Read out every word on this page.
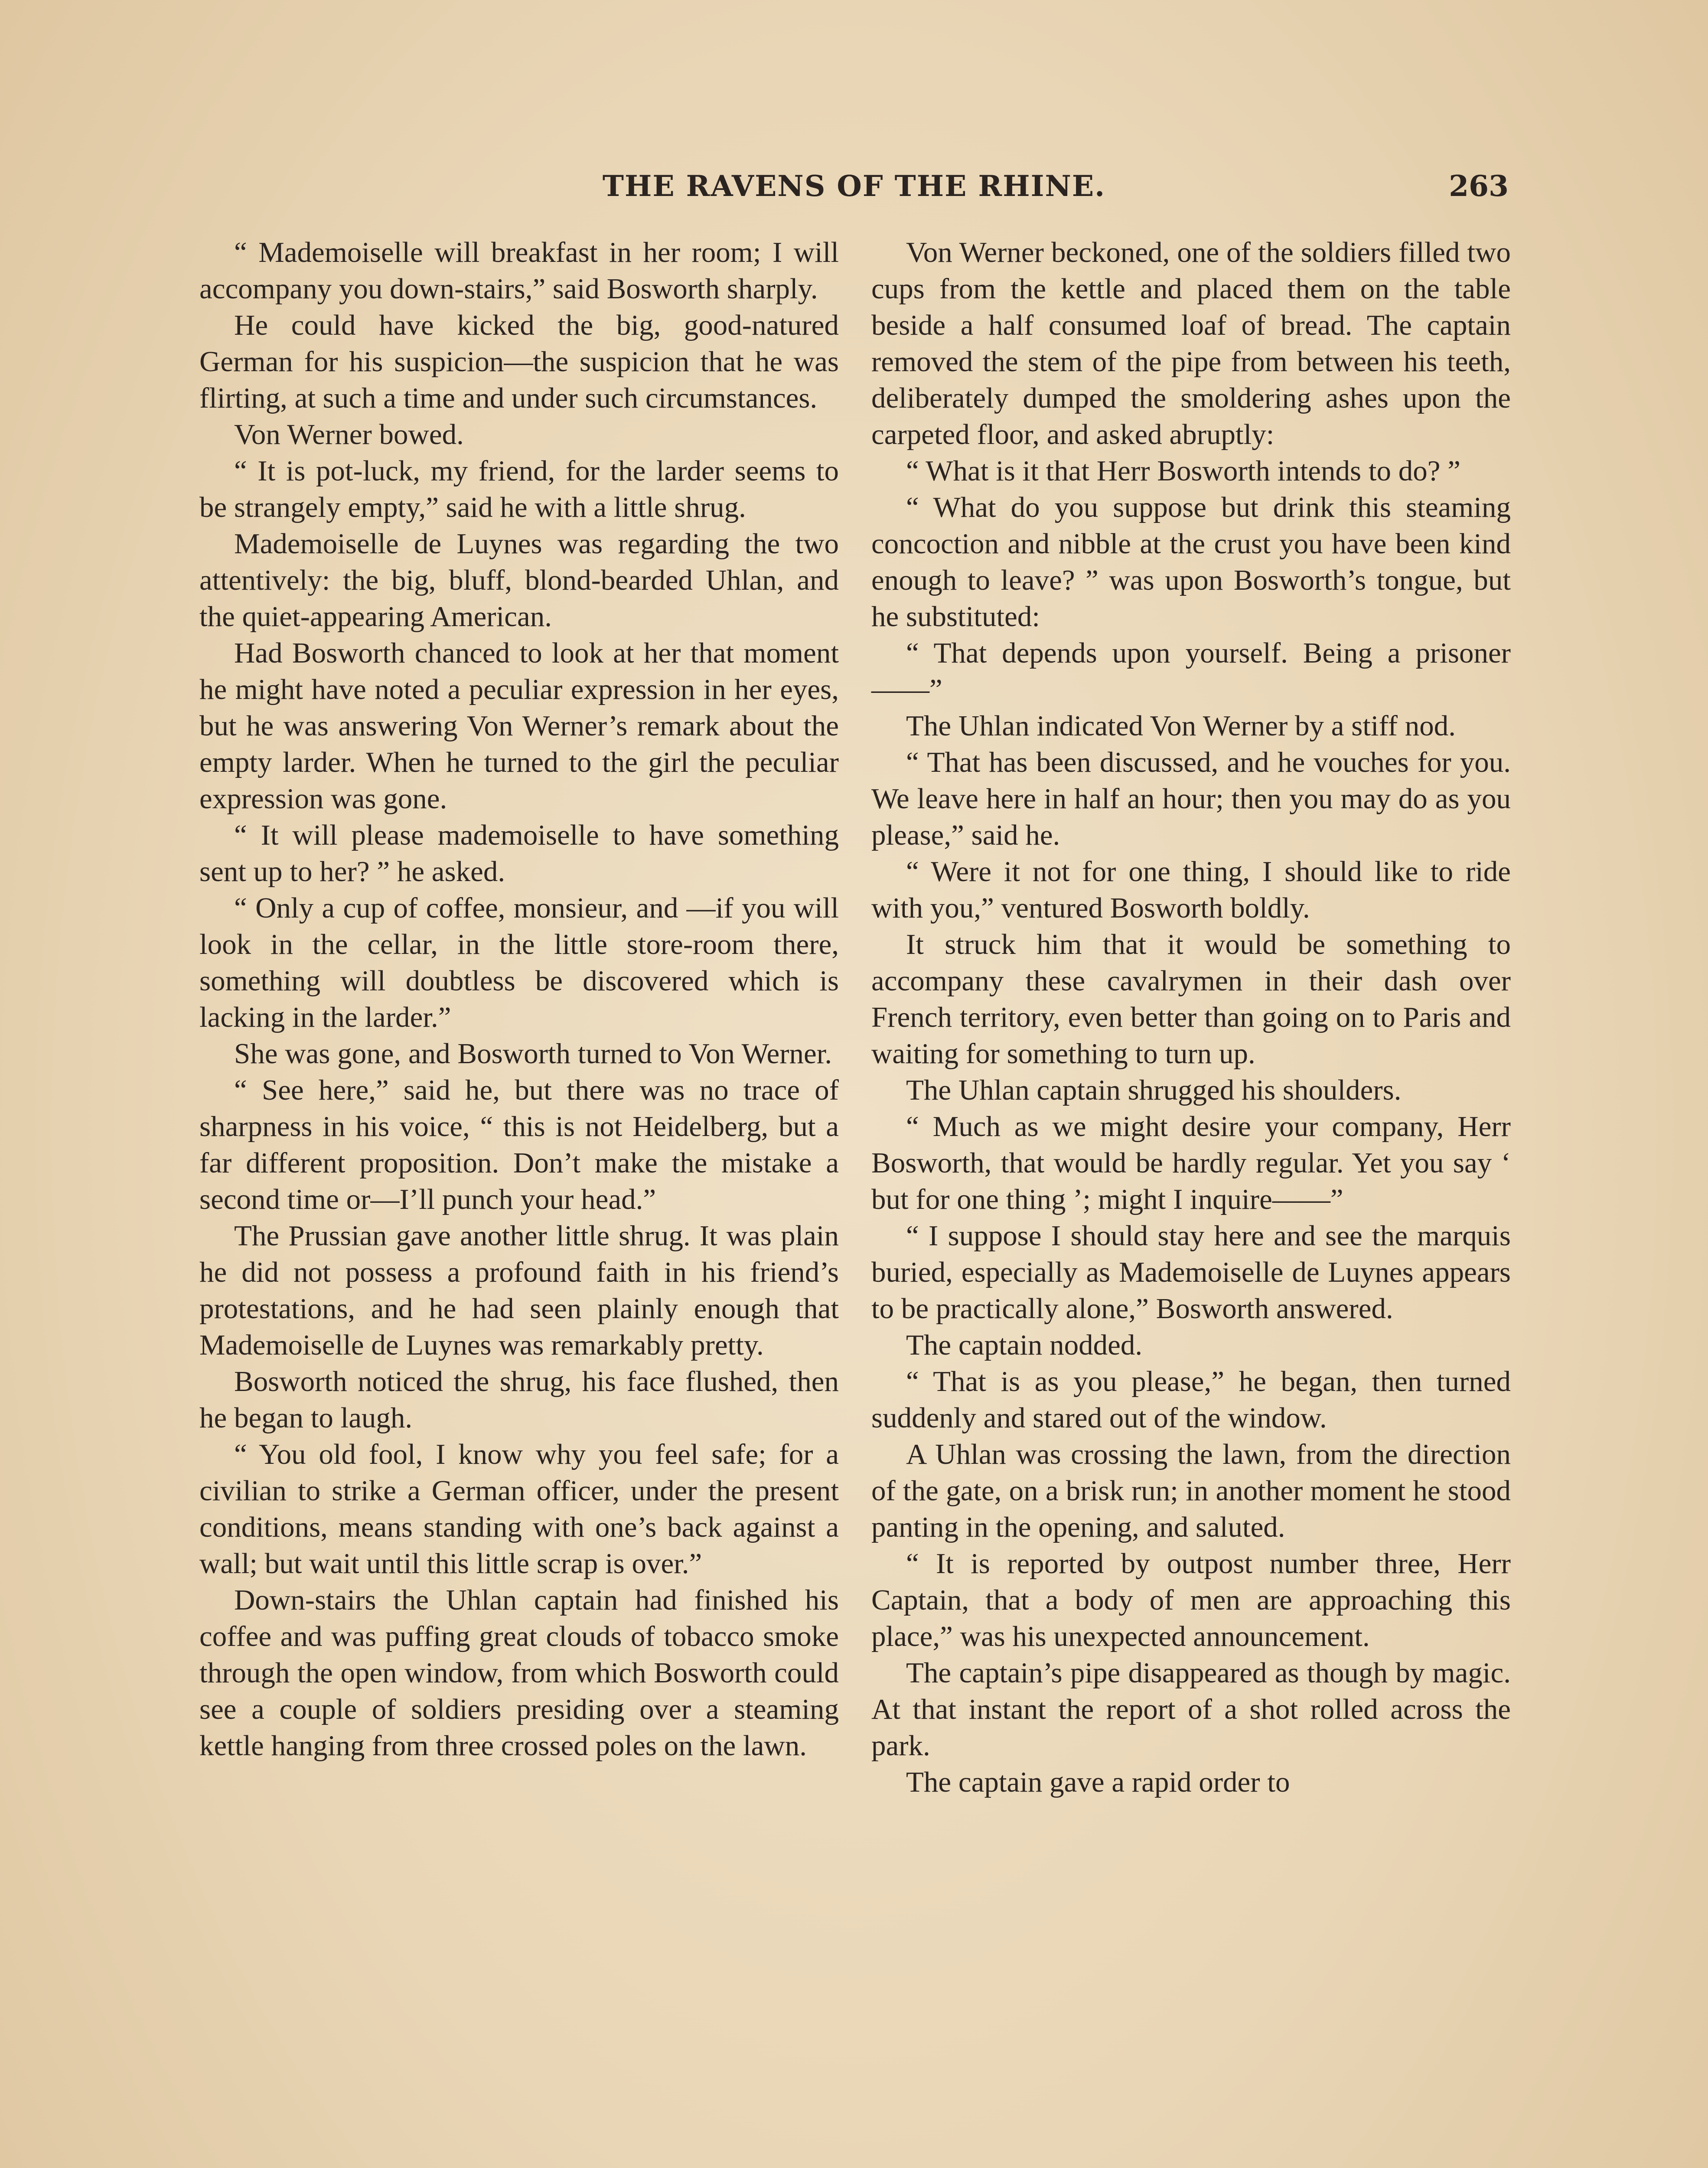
THE RAVENS OF THE RHINE.	263

“ Mademoiselle will breakfast in her room; I will accompany you down-stairs,” said Bosworth sharply.

He could have kicked the big, good-natured German for his suspicion—the suspicion that he was flirting, at such a time and under such circumstances.

Von Werner bowed.

“ It is pot-luck, my friend, for the larder seems to be strangely empty,” said he with a little shrug.

Mademoiselle de Luynes was regarding the two attentively: the big, bluff, blond-bearded Uhlan, and the quiet-appearing American.

Had Bosworth chanced to look at her that moment he might have noted a peculiar expression in her eyes, but he was answering Von Werner’s remark about the empty larder. When he turned to the girl the peculiar expression was gone.

“ It will please mademoiselle to have something sent up to her? ” he asked.

“ Only a cup of coffee, monsieur, and —if you will look in the cellar, in the little store-room there, something will doubtless be discovered which is lacking in the larder.”

She was gone, and Bosworth turned to Von Werner.

“ See here,” said he, but there was no trace of sharpness in his voice, “ this is not Heidelberg, but a far different proposition. Don’t make the mistake a second time or—I’ll punch your head.”

The Prussian gave another little shrug. It was plain he did not possess a profound faith in his friend’s protestations, and he had seen plainly enough that Mademoiselle de Luynes was remarkably pretty.

Bosworth noticed the shrug, his face flushed, then he began to laugh.

“ You old fool, I know why you feel safe; for a civilian to strike a German officer, under the present conditions, means standing with one’s back against a wall; but wait until this little scrap is over.”

Down-stairs the Uhlan captain had finished his coffee and was puffing great clouds of tobacco smoke through the open window, from which Bosworth could see a couple of soldiers presiding over a steaming kettle hanging from three crossed poles on the lawn.

Von Werner beckoned, one of the soldiers filled two cups from the kettle and placed them on the table beside a half consumed loaf of bread. The captain removed the stem of the pipe from between his teeth, deliberately dumped the smoldering ashes upon the carpeted floor, and asked abruptly:

“ What is it that Herr Bosworth intends to do? ”

“ What do you suppose but drink this steaming concoction and nibble at the crust you have been kind enough to leave? ” was upon Bosworth’s tongue, but he substituted:

“ That depends upon yourself. Being a prisoner——”

The Uhlan indicated Von Werner by a stiff nod.

“ That has been discussed, and he vouches for you. We leave here in half an hour; then you may do as you please,” said he.

“ Were it not for one thing, I should like to ride with you,” ventured Bosworth boldly.

It struck him that it would be something to accompany these cavalrymen in their dash over French territory, even better than going on to Paris and waiting for something to turn up.

The Uhlan captain shrugged his shoulders.

“ Much as we might desire your company, Herr Bosworth, that would be hardly regular. Yet you say ‘ but for one thing ’; might I inquire——”

“ I suppose I should stay here and see the marquis buried, especially as Mademoiselle de Luynes appears to be practically alone,” Bosworth answered.

The captain nodded.

“ That is as you please,” he began, then turned suddenly and stared out of the window.

A Uhlan was crossing the lawn, from the direction of the gate, on a brisk run; in another moment he stood panting in the opening, and saluted.

“ It is reported by outpost number three, Herr Captain, that a body of men are approaching this place,” was his unexpected announcement.

The captain’s pipe disappeared as though by magic. At that instant the report of a shot rolled across the park.

The captain gave a rapid order to
